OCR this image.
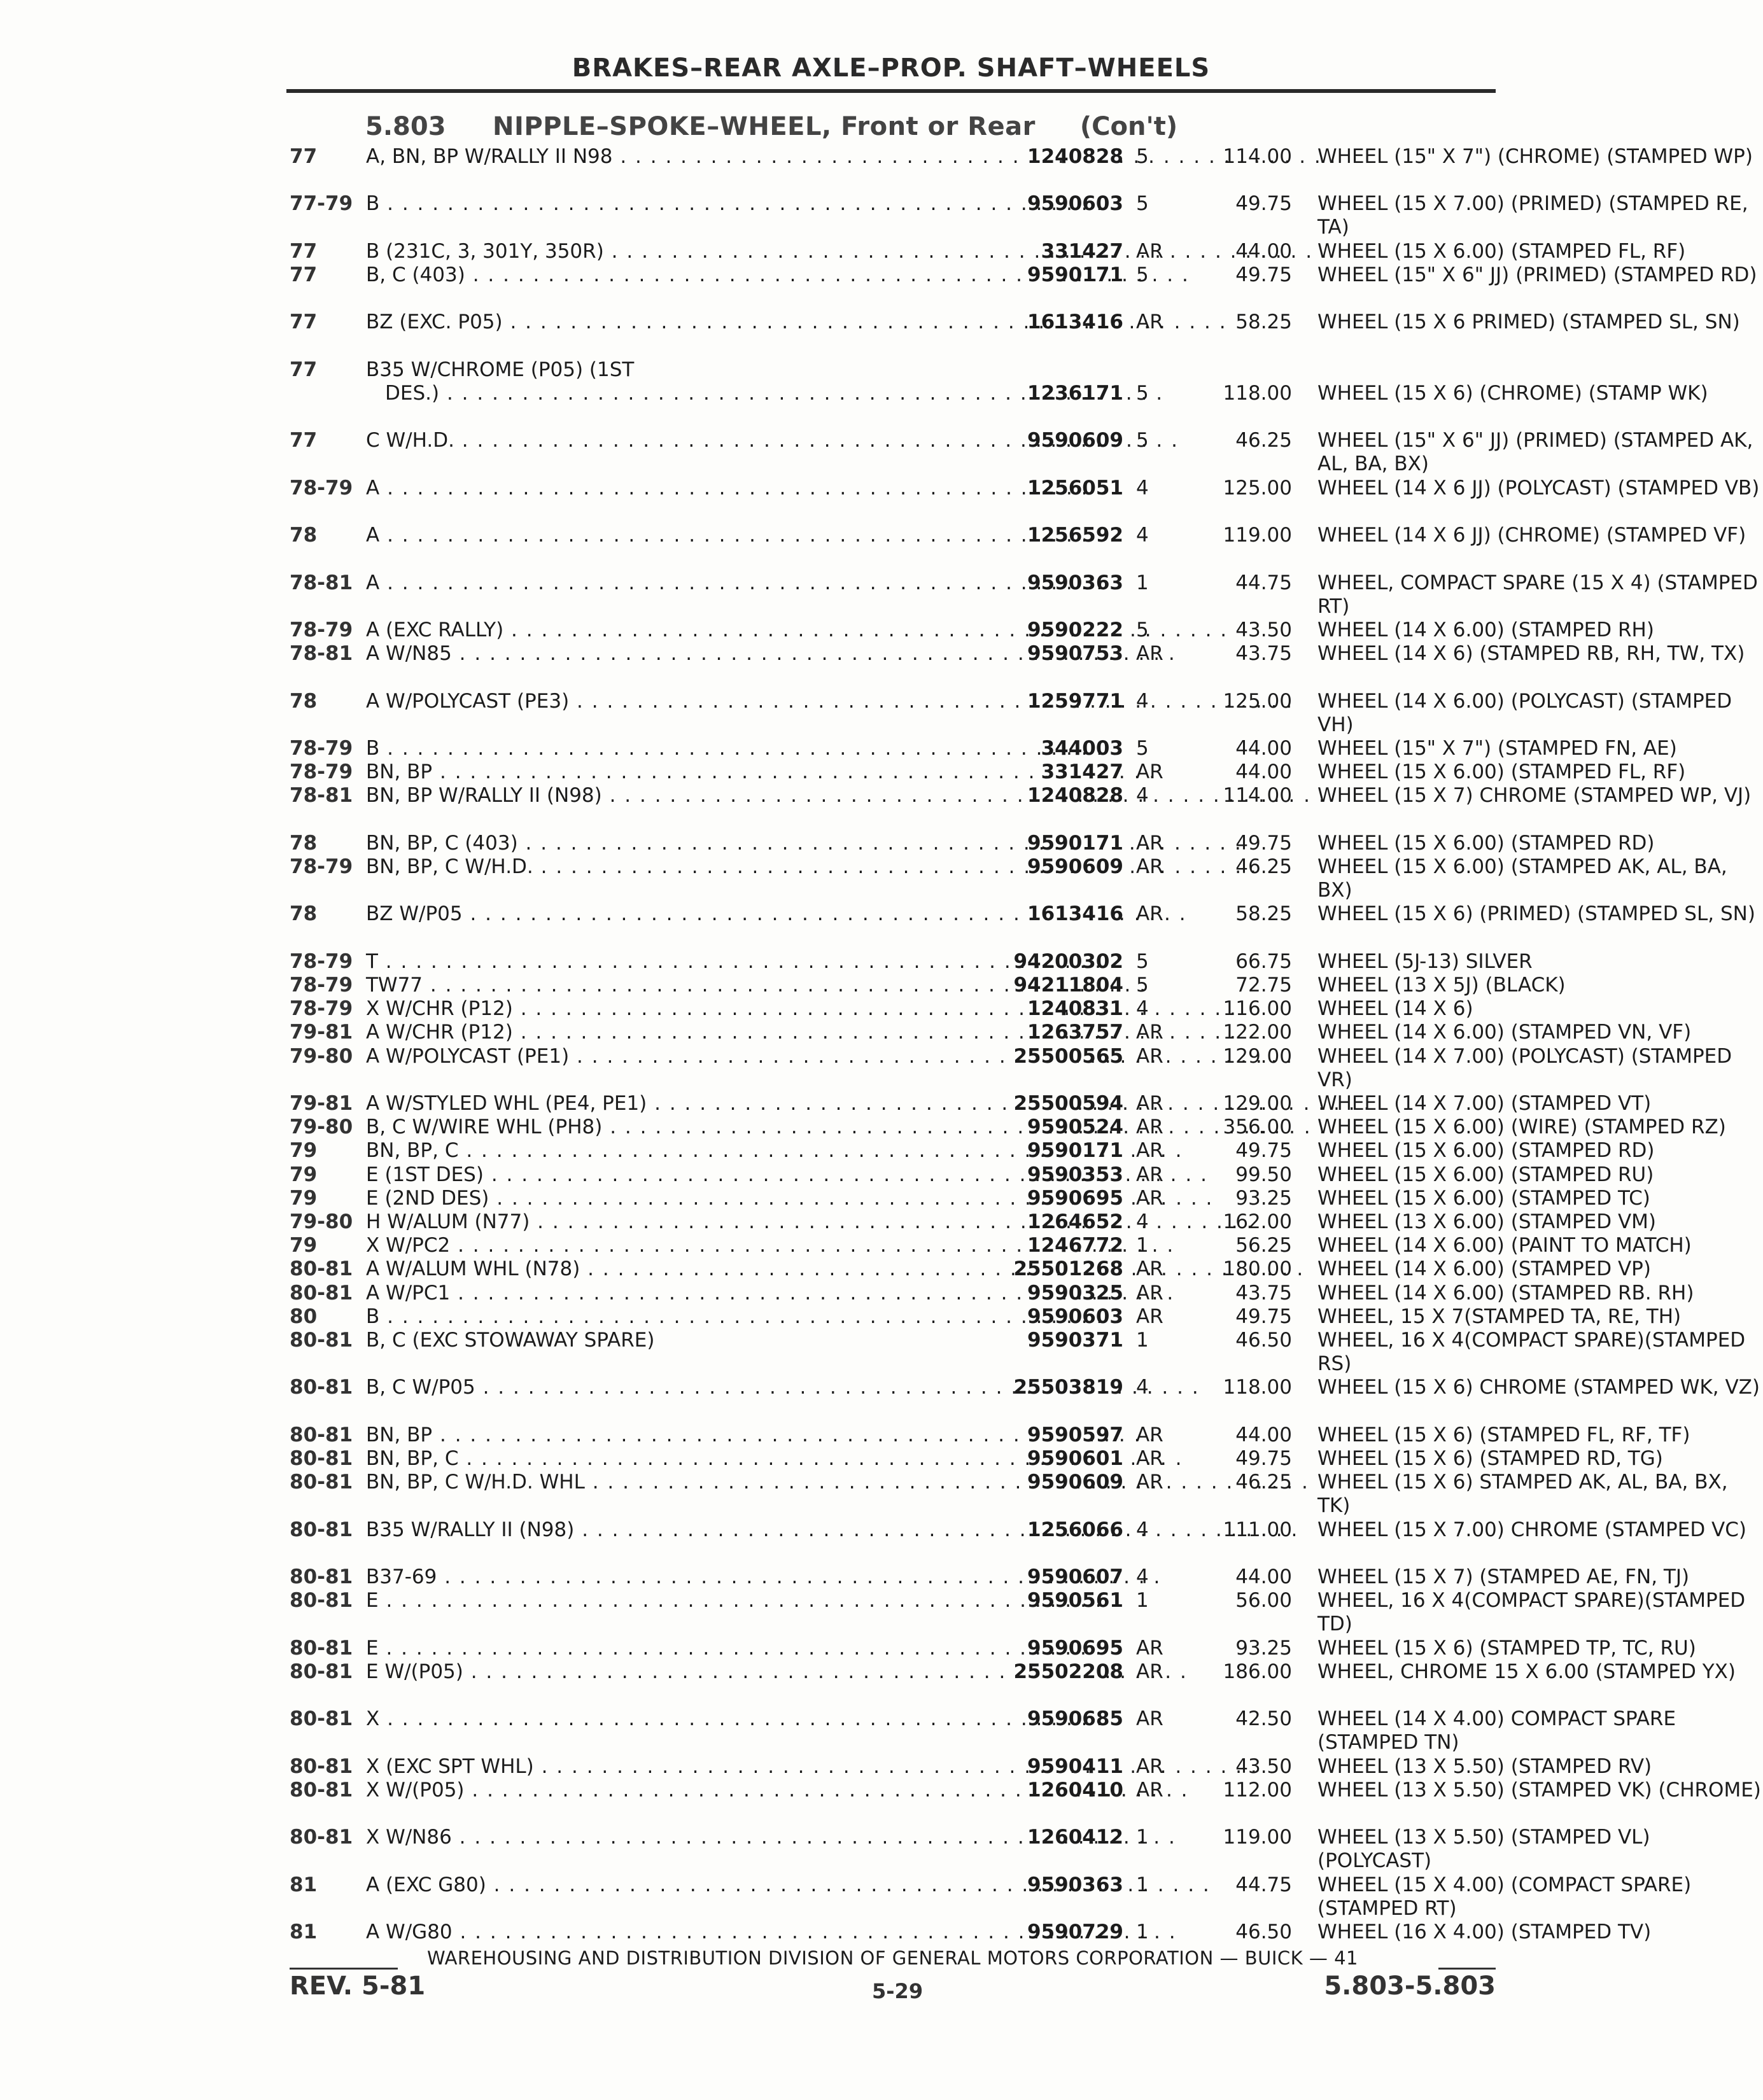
BRAKES–REAR AXLE–PROP. SHAFT–WHEELS
5.803 NIPPLE–SPOKE–WHEEL, Front or Rear (Con't)
77	A, BN, BP W/RALLY II N98 . . .	1240828 5	114.00 WHEEL (15" X 7") (CHROME) (STAMPED WP)
77-79 B . . .	9590603 5	49.75 WHEEL (15 X 7.00) (PRIMED) (STAMPED RE, TA)
77	B (231C, 3, 301Y, 350R) . . .	331427 AR	44.00 WHEEL (15 X 6.00) (STAMPED FL, RF)
77	B, C (403) . . .	9590171 5	49.75 WHEEL (15" X 6" JJ) (PRIMED) (STAMPED RD)
77	BZ (EXC. P05) . . .	1613416 AR	58.25 WHEEL (15 X 6 PRIMED) (STAMPED SL, SN)
77	B35 W/CHROME (P05) (1ST
DES.) . . .	1236171 5	118.00 WHEEL (15 X 6) (CHROME) (STAMP WK)
77	C W/H.D. . . .	9590609 5	46.25 WHEEL (15" X 6" JJ) (PRIMED) (STAMPED AK, AL, BA, BX)
78-79 A . . .	1256051 4	125.00 WHEEL (14 X 6 JJ) (POLYCAST) (STAMPED VB)
78	A . . .	1256592 4	119.00 WHEEL (14 X 6 JJ) (CHROME) (STAMPED VF)
78-81 A . . .	9590363 1	44.75 WHEEL, COMPACT SPARE (15 X 4) (STAMPED RT)
78-79 A (EXC RALLY) . . .	9590222 5	43.50 WHEEL (14 X 6.00) (STAMPED RH)
78-81 A W/N85 . . .	9590753 AR	43.75 WHEEL (14 X 6) (STAMPED RB, RH, TW, TX)
78	A W/POLYCAST (PE3) . . .	1259771 4	125.00 WHEEL (14 X 6.00) (POLYCAST) (STAMPED VH)
78-79 B . . .	344003 5	44.00 WHEEL (15" X 7") (STAMPED FN, AE)
78-79 BN, BP . . .	331427 AR	44.00 WHEEL (15 X 6.00) (STAMPED FL, RF)
78-81 BN, BP W/RALLY II (N98) . . .	1240828 4	114.00 WHEEL (15 X 7) CHROME (STAMPED WP, VJ)
78	BN, BP, C (403) . . .	9590171 AR	49.75 WHEEL (15 X 6.00) (STAMPED RD)
78-79 BN, BP, C W/H.D. . . .	9590609 AR	46.25 WHEEL (15 X 6.00) (STAMPED AK, AL, BA, BX)
78	BZ W/P05 . . .	1613416 AR	58.25 WHEEL (15 X 6) (PRIMED) (STAMPED SL, SN)
78-79 T . . .	94200302 5	66.75 WHEEL (5J-13) SILVER
78-79 TW77 . . .	94211804 5	72.75 WHEEL (13 X 5J) (BLACK)
78-79 X W/CHR (P12) . . .	1240831 4	116.00 WHEEL (14 X 6)
79-81 A W/CHR (P12) . . .	1263757 AR	122.00 WHEEL (14 X 6.00) (STAMPED VN, VF)
79-80 A W/POLYCAST (PE1) . . .	25500565 AR	129.00 WHEEL (14 X 7.00) (POLYCAST) (STAMPED VR)
79-81 A W/STYLED WHL (PE4, PE1) . . .	25500594 AR	129.00 WHEEL (14 X 7.00) (STAMPED VT)
79-80 B, C W/WIRE WHL (PH8) . . .	9590524 AR	356.00 WHEEL (15 X 6.00) (WIRE) (STAMPED RZ)
79	BN, BP, C . . .	9590171 AR	49.75 WHEEL (15 X 6.00) (STAMPED RD)
79	E (1ST DES) . . .	9590353 AR	99.50 WHEEL (15 X 6.00) (STAMPED RU)
79	E (2ND DES) . . .	9590695 AR	93.25 WHEEL (15 X 6.00) (STAMPED TC)
79-80 H W/ALUM (N77) . . .	1264652 4	162.00 WHEEL (13 X 6.00) (STAMPED VM)
79	X W/PC2 . . .	1246772 1	56.25 WHEEL (14 X 6.00) (PAINT TO MATCH)
80-81 A W/ALUM WHL (N78) . . .	25501268 AR	180.00 WHEEL (14 X 6.00) (STAMPED VP)
80-81 A W/PC1 . . .	9590325 AR	43.75 WHEEL (14 X 6.00) (STAMPED RB. RH)
80	B . . .	9590603 AR	49.75 WHEEL, 15 X 7(STAMPED TA, RE, TH)
80-81 B, C (EXC STOWAWAY SPARE)	9590371 1	46.50 WHEEL, 16 X 4(COMPACT SPARE)(STAMPED RS)
80-81 B, C W/P05 . . .	25503819 4	118.00 WHEEL (15 X 6) CHROME (STAMPED WK, VZ)
80-81 BN, BP . . .	9590597 AR	44.00 WHEEL (15 X 6) (STAMPED FL, RF, TF)
80-81 BN, BP, C . . .	9590601 AR	49.75 WHEEL (15 X 6) (STAMPED RD, TG)
80-81 BN, BP, C W/H.D. WHL . . .	9590609 AR	46.25 WHEEL (15 X 6) STAMPED AK, AL, BA, BX, TK)
80-81 B35 W/RALLY II (N98) . . .	1256066 4	111.00 WHEEL (15 X 7.00) CHROME (STAMPED VC)
80-81 B37-69 . . .	9590607 4	44.00 WHEEL (15 X 7) (STAMPED AE, FN, TJ)
80-81 E . . .	9590561 1	56.00 WHEEL, 16 X 4(COMPACT SPARE)(STAMPED TD)
80-81 E . . .	9590695 AR	93.25 WHEEL (15 X 6) (STAMPED TP, TC, RU)
80-81 E W/(P05) . . .	25502208 AR	186.00 WHEEL, CHROME 15 X 6.00 (STAMPED YX)
80-81 X . . .	9590685 AR	42.50 WHEEL (14 X 4.00) COMPACT SPARE (STAMPED TN)
80-81 X (EXC SPT WHL) . . .	9590411 AR	43.50 WHEEL (13 X 5.50) (STAMPED RV)
80-81 X W/(P05) . . .	1260410 AR	112.00 WHEEL (13 X 5.50) (STAMPED VK) (CHROME)
80-81 X W/N86 . . .	1260412 1	119.00 WHEEL (13 X 5.50) (STAMPED VL) (POLYCAST)
81	A (EXC G80) . . .	9590363 1	44.75 WHEEL (15 X 4.00) (COMPACT SPARE) (STAMPED RT)
81	A W/G80 . . .	9590729 1	46.50 WHEEL (16 X 4.00) (STAMPED TV)
WAREHOUSING AND DISTRIBUTION DIVISION OF GENERAL MOTORS CORPORATION — BUICK — 41
REV. 5-81	5-29	5.803-5.803
